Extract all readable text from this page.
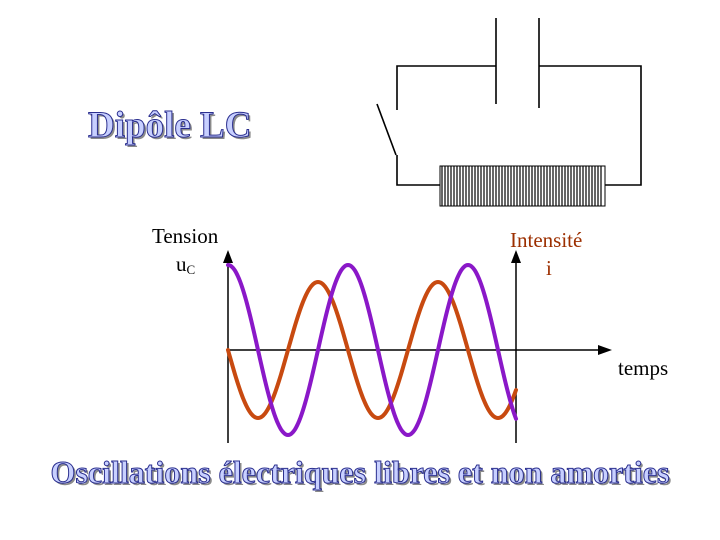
Dipôle LC
Tension
$u_C$
Intensité
i
temps
Oscillations électriques libres et non amorties
